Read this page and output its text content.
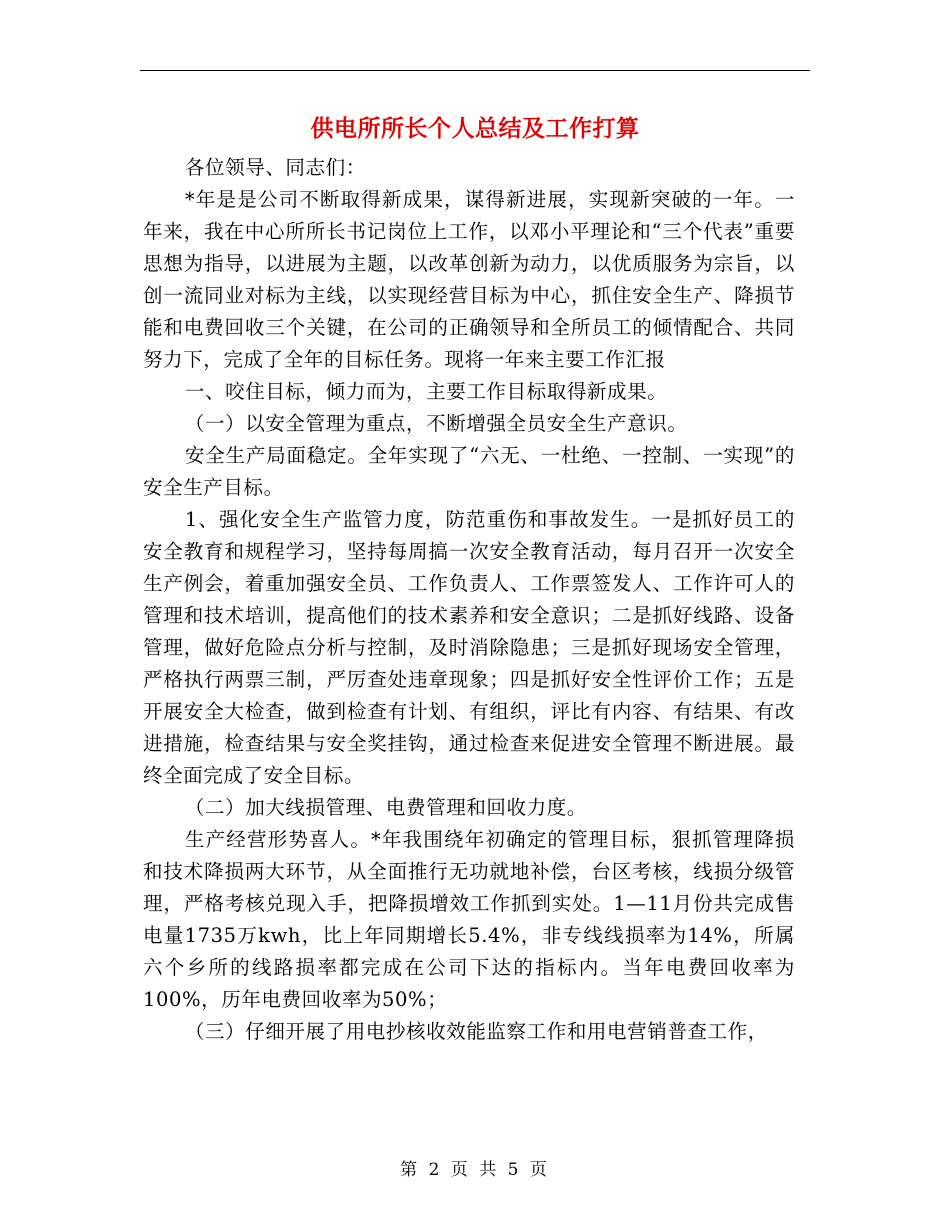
供电所所长个人总结及工作打算

各位领导、同志们：

*年是是公司不断取得新成果，谋得新进展，实现新突破的一年。一年来，我在中心所所长书记岗位上工作，以邓小平理论和“三个代表”重要思想为指导，以进展为主题，以改革创新为动力，以优质服务为宗旨，以创一流同业对标为主线，以实现经营目标为中心，抓住安全生产、降损节能和电费回收三个关键，在公司的正确领导和全所员工的倾情配合、共同努力下，完成了全年的目标任务。现将一年来主要工作汇报

一、咬住目标，倾力而为，主要工作目标取得新成果。

（一）以安全管理为重点，不断增强全员安全生产意识。

安全生产局面稳定。全年实现了“六无、一杜绝、一控制、一实现”的安全生产目标。

1、强化安全生产监管力度，防范重伤和事故发生。一是抓好员工的安全教育和规程学习，坚持每周搞一次安全教育活动，每月召开一次安全生产例会，着重加强安全员、工作负责人、工作票签发人、工作许可人的管理和技术培训，提高他们的技术素养和安全意识；二是抓好线路、设备管理，做好危险点分析与控制，及时消除隐患；三是抓好现场安全管理，严格执行两票三制，严厉查处违章现象；四是抓好安全性评价工作；五是开展安全大检查，做到检查有计划、有组织，评比有内容、有结果、有改进措施，检查结果与安全奖挂钩，通过检查来促进安全管理不断进展。最终全面完成了安全目标。

（二）加大线损管理、电费管理和回收力度。

生产经营形势喜人。*年我围绕年初确定的管理目标，狠抓管理降损和技术降损两大环节，从全面推行无功就地补偿，台区考核，线损分级管理，严格考核兑现入手，把降损增效工作抓到实处。1—11月份共完成售电量1735万kwh，比上年同期增长5.4%，非专线线损率为14%，所属六个乡所的线路损率都完成在公司下达的指标内。当年电费回收率为100%，历年电费回收率为50%；

（三）仔细开展了用电抄核收效能监察工作和用电营销普查工作，

第 2 页 共 5 页
